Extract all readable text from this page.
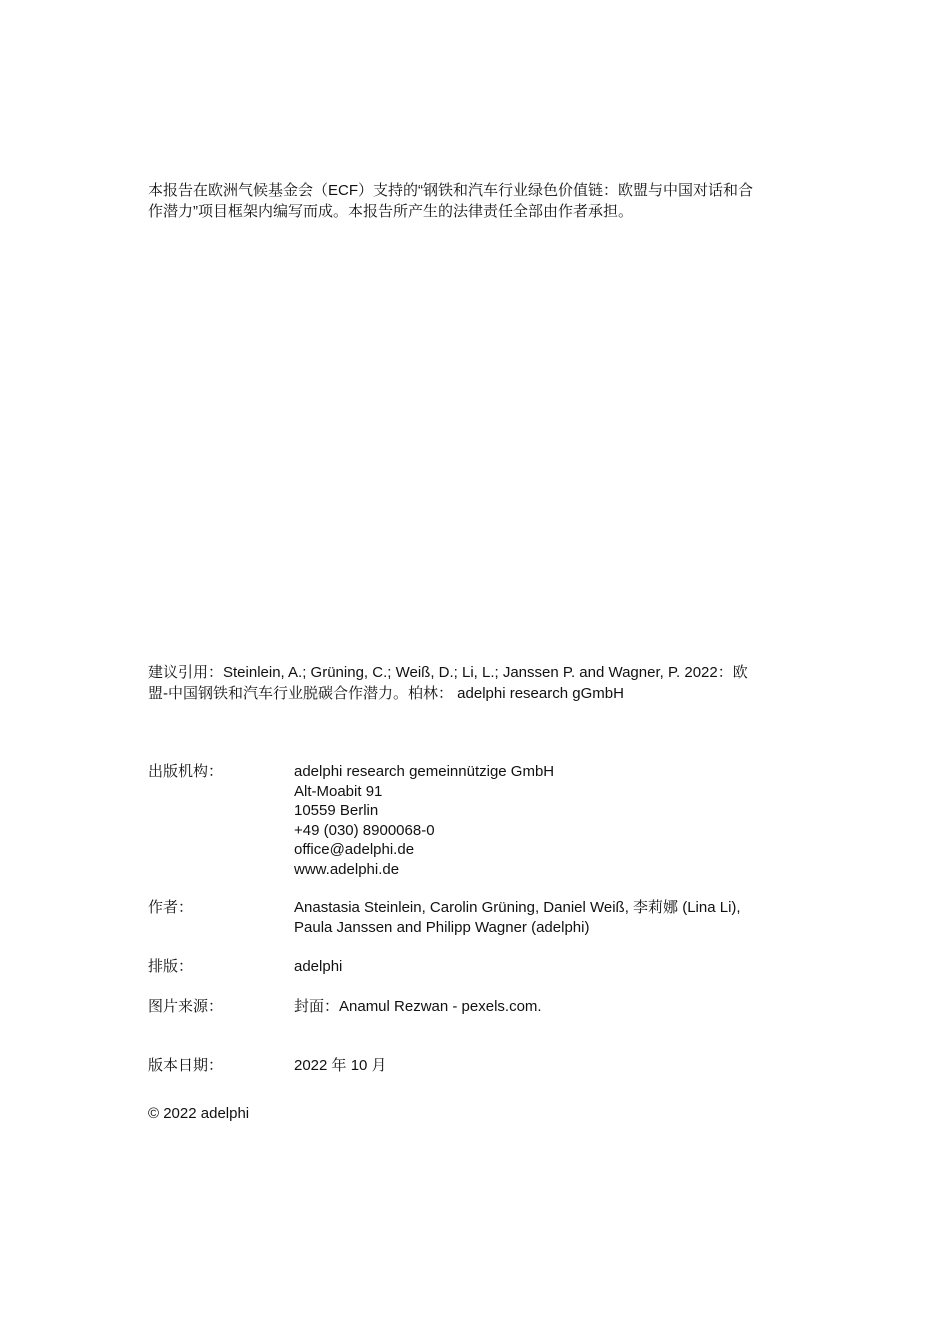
本报告在欧洲气候基金会（ECF）支持的“钢铁和汽车行业绿色价值链：欧盟与中国对话和合
作潜力”项目框架内编写而成。本报告所产生的法律责任全部由作者承担。

建议引用：Steinlein, A.; Grüning, C.; Weiß, D.; Li, L.; Janssen P. and Wagner, P. 2022：欧
盟-中国钢铁和汽车行业脱碳合作潜力。柏林： adelphi research gGmbH

出版机构：	adelphi research gemeinnützige GmbH
Alt-Moabit 91
10559 Berlin
+49 (030) 8900068-0
office@adelphi.de
www.adelphi.de
作者：	Anastasia Steinlein, Carolin Grüning, Daniel Weiß, 李莉娜 (Lina Li),
Paula Janssen and Philipp Wagner (adelphi)
排版：	adelphi
图片来源：	封面：Anamul Rezwan - pexels.com.
版本日期：	2022 年 10 月
© 2022 adelphi
